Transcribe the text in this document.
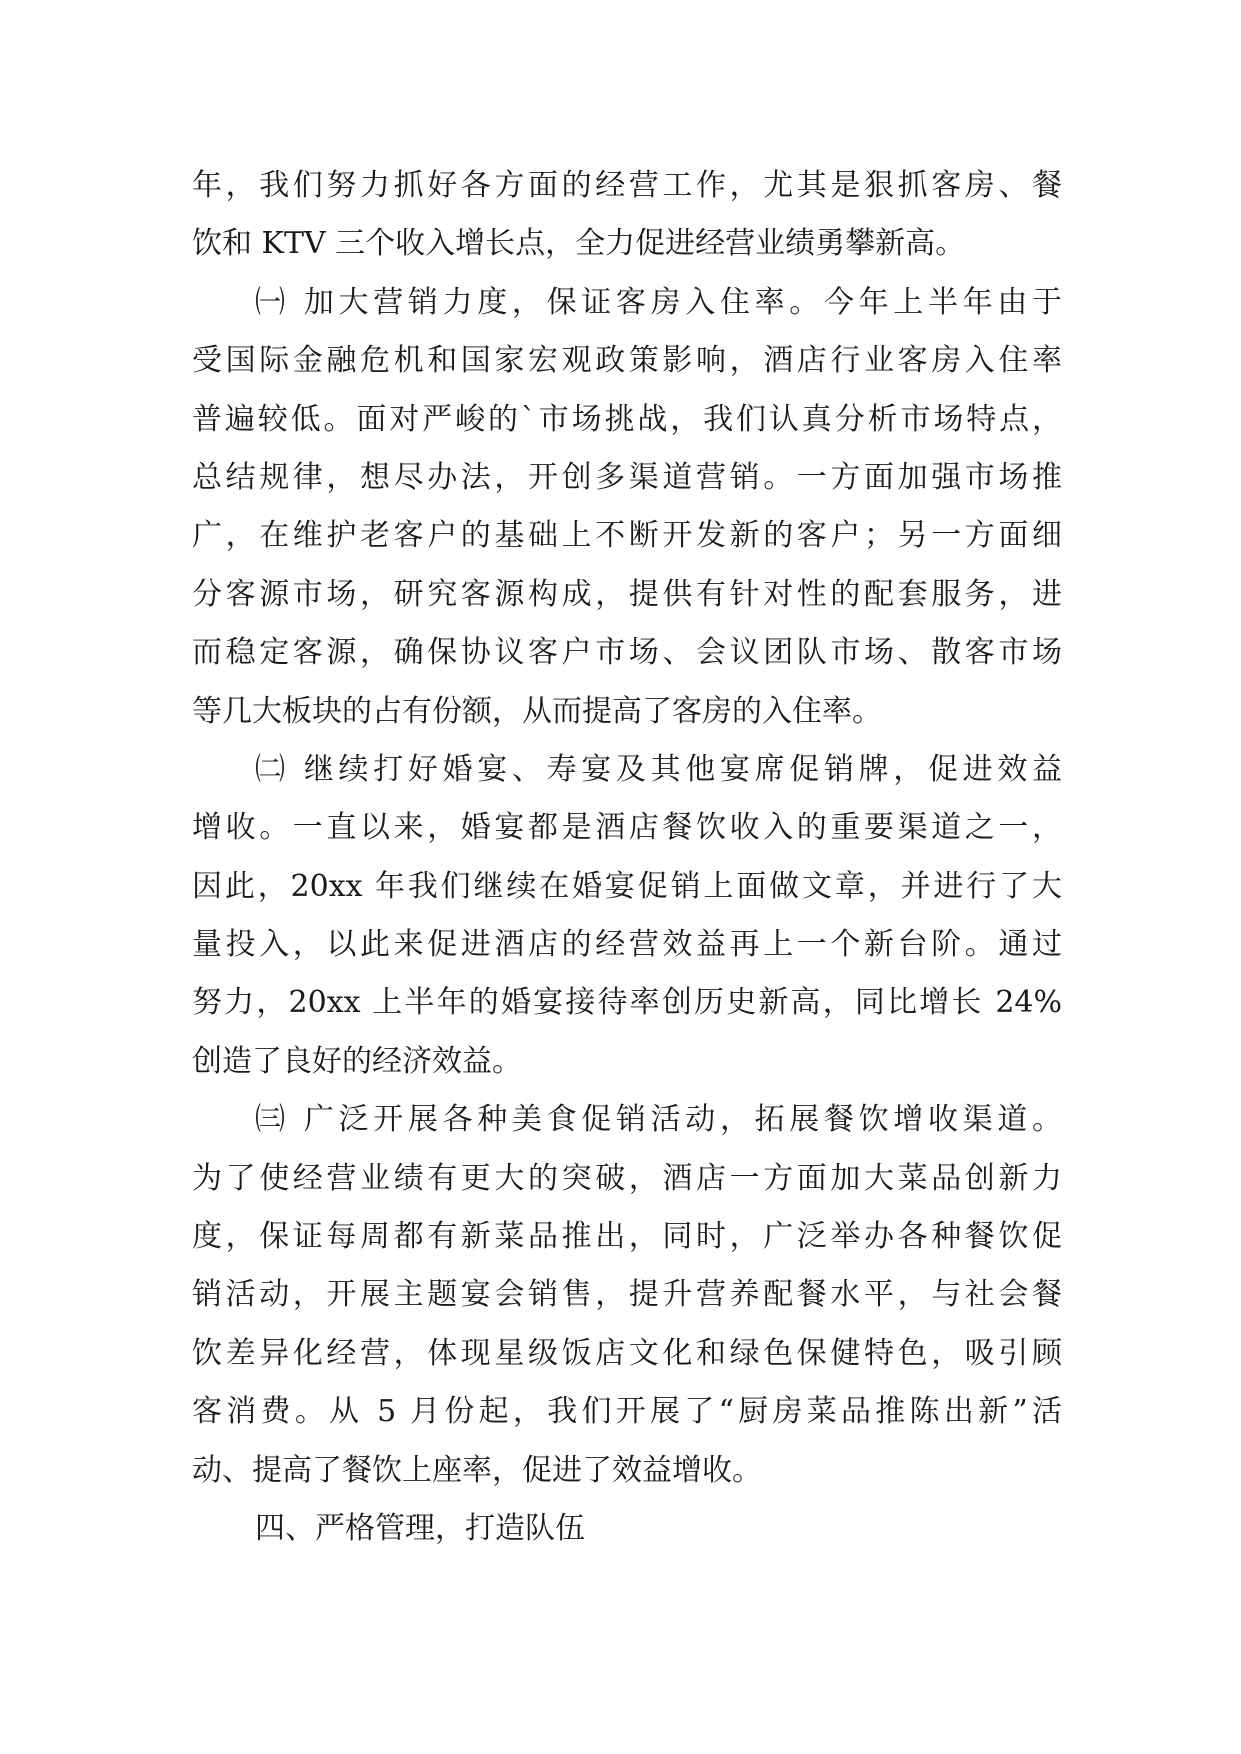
年，我们努力抓好各方面的经营工作，尤其是狠抓客房、餐
饮和 KTV 三个收入增长点，全力促进经营业绩勇攀新高。
㈠ 加大营销力度，保证客房入住率。今年上半年由于
受国际金融危机和国家宏观政策影响，酒店行业客房入住率
普遍较低。面对严峻的`市场挑战，我们认真分析市场特点，
总结规律，想尽办法，开创多渠道营销。一方面加强市场推
广，在维护老客户的基础上不断开发新的客户；另一方面细
分客源市场，研究客源构成，提供有针对性的配套服务，进
而稳定客源，确保协议客户市场、会议团队市场、散客市场
等几大板块的占有份额，从而提高了客房的入住率。
㈡ 继续打好婚宴、寿宴及其他宴席促销牌，促进效益
增收。一直以来，婚宴都是酒店餐饮收入的重要渠道之一，
因此，20xx 年我们继续在婚宴促销上面做文章，并进行了大
量投入，以此来促进酒店的经营效益再上一个新台阶。通过
努力，20xx 上半年的婚宴接待率创历史新高，同比增长 24%
创造了良好的经济效益。
㈢ 广泛开展各种美食促销活动，拓展餐饮增收渠道。
为了使经营业绩有更大的突破，酒店一方面加大菜品创新力
度，保证每周都有新菜品推出，同时，广泛举办各种餐饮促
销活动，开展主题宴会销售，提升营养配餐水平，与社会餐
饮差异化经营，体现星级饭店文化和绿色保健特色，吸引顾
客消费。从 5 月份起，我们开展了“厨房菜品推陈出新”活
动、提高了餐饮上座率，促进了效益增收。
四、严格管理，打造队伍
